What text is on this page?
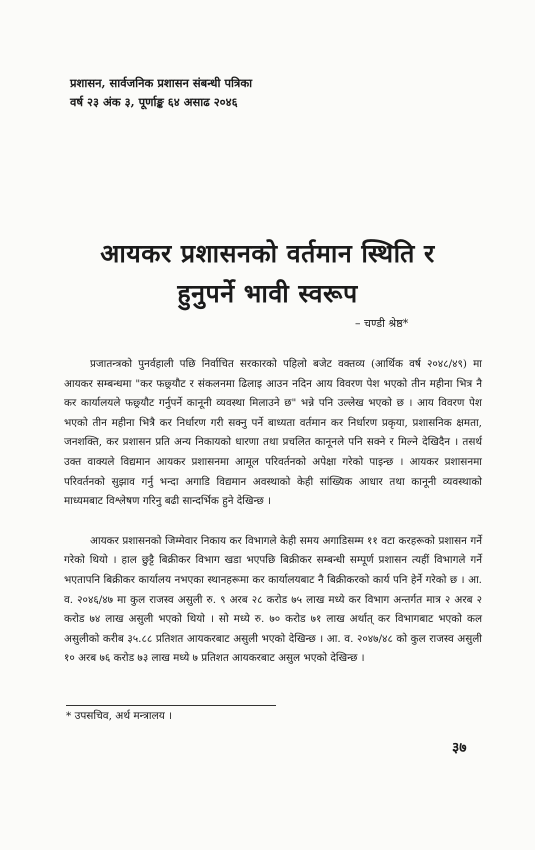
प्रशासन, सार्वजनिक प्रशासन संबन्धी पत्रिका
वर्ष २३ अंक ३, पूर्णाङ्क ६४ असाढ २०४६
आयकर प्रशासनको वर्तमान स्थिति र
हुनुपर्ने भावी स्वरूप
– चण्डी श्रेष्ठ*

प्रजातन्त्रको पुनर्वहाली पछि निर्वाचित सरकारको पहिलो बजेट वक्तव्य (आर्थिक वर्ष २०४८/४९) मा आयकर सम्बन्धमा "कर फछ्र्यौट र संकलनमा ढिलाइ आउन नदिन आय विवरण पेश भएको तीन महीना भित्र नै कर कार्यालयले फछ्र्यौट गर्नुपर्ने कानूनी व्यवस्था मिलाउने छ" भन्ने पनि उल्लेख भएको छ । आय विवरण पेश भएको तीन महीना भित्रै कर निर्धारण गरी सक्नु पर्ने बाध्यता वर्तमान कर निर्धारण प्रकृया, प्रशासनिक क्षमता, जनशक्ति, कर प्रशासन प्रति अन्य निकायको धारणा तथा प्रचलित कानूनले पनि सक्ने र मिल्ने देखिदैन । तसर्थ उक्त वाक्यले विद्यमान आयकर प्रशासनमा आमूल परिवर्तनको अपेक्षा गरेको पाइन्छ । आयकर प्रशासनमा परिवर्तनको सुझाव गर्नु भन्दा अगाडि विद्यमान अवस्थाको केही सांख्यिक आधार तथा कानूनी व्यवस्थाको माध्यमबाट विश्लेषण गरिनु बढी सान्दर्भिक हुने देखिन्छ ।

आयकर प्रशासनको जिम्मेवार निकाय कर विभागले केही समय अगाडिसम्म ११ वटा करहरूको प्रशासन गर्ने गरेको थियो । हाल छुट्टै बिक्रीकर विभाग खडा भएपछि बिक्रीकर सम्बन्धी सम्पूर्ण प्रशासन त्यहीं विभागले गर्ने भएतापनि बिक्रीकर कार्यालय नभएका स्थानहरूमा कर कार्यालयबाट नै बिक्रीकरको कार्य पनि हेर्ने गरेको छ । आ. व. २०४६/४७ मा कुल राजस्व असुली रु. ९ अरब २८ करोड ७५ लाख मध्ये कर विभाग अन्तर्गत मात्र २ अरब २ करोड ७४ लाख असुली भएको थियो । सो मध्ये रु. ७० करोड ७१ लाख अर्थात् कर विभागबाट भएको कल असुलीको करीब ३५.८८ प्रतिशत आयकरबाट असुली भएको देखिन्छ । आ. व. २०४७/४८ को कुल राजस्व असुली १० अरब ७६ करोड ७३ लाख मध्ये ७ प्रतिशत आयकरबाट असुल भएको देखिन्छ ।

* उपसचिव, अर्थ मन्त्रालय ।
३७
